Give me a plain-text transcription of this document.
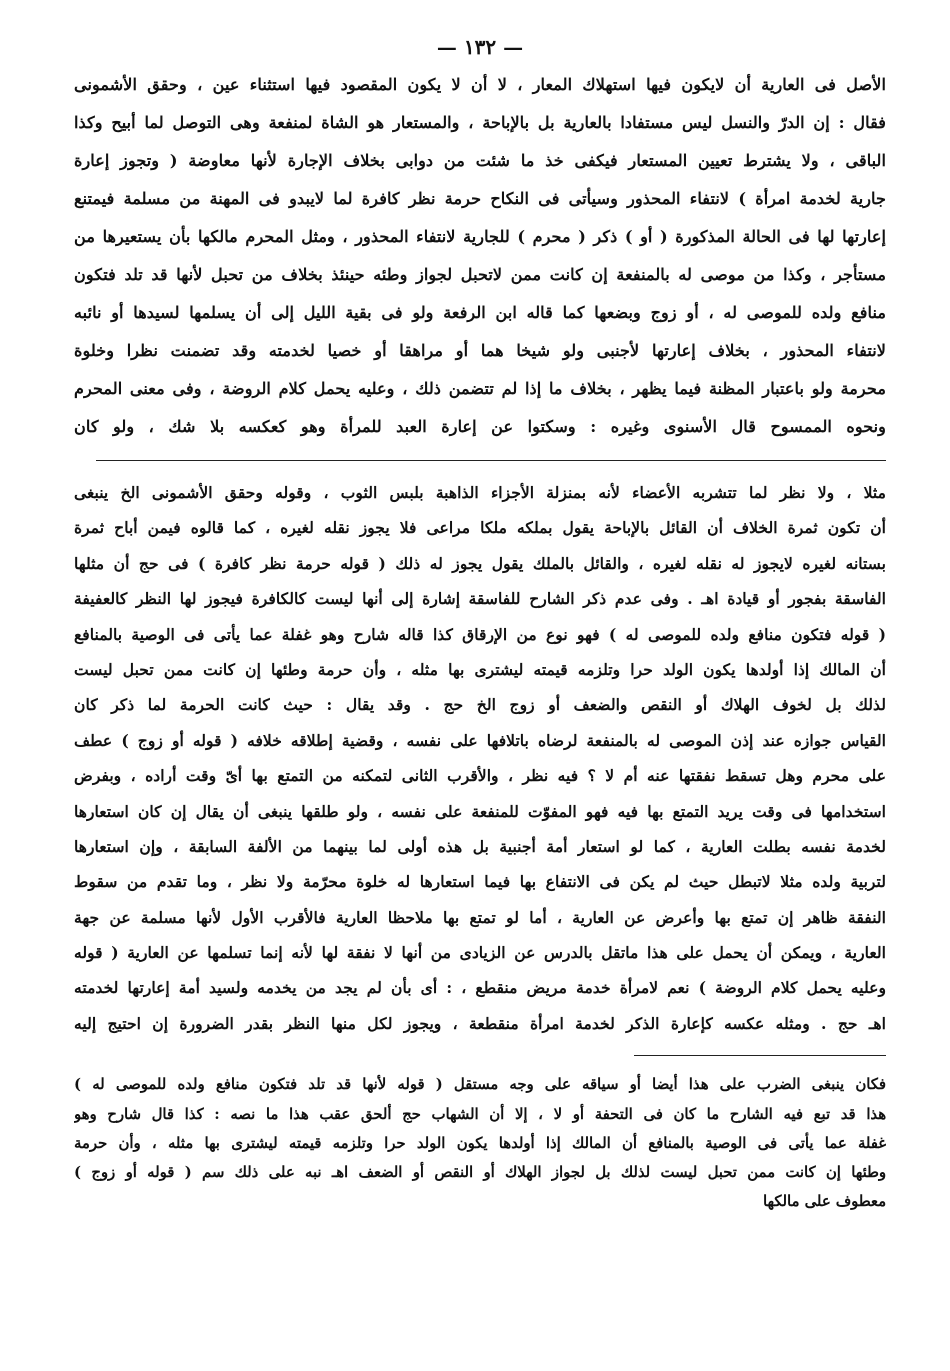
— ١٣٢ —
الأصل فى العارية أن لايكون فيها استهلاك المعار ، لا أن لا يكون المقصود فيها استثناء عين ، وحقق الأشمونى
فقال : إن الدرّ والنسل ليس مستفادا بالعارية بل بالإباحة ، والمستعار هو الشاة لمنفعة وهى التوصل لما أبيح وكذا
الباقى ، ولا يشترط تعيين المستعار فيكفى خذ ما شئت من دوابى بخلاف الإجارة لأنها معاوضة ( وتجوز إعارة
جارية لخدمة امرأة ) لانتفاء المحذور وسيأتى فى النكاح حرمة نظر كافرة لما لايبدو فى المهنة من مسلمة فيمتنع
إعارتها لها فى الحالة المذكورة ( أو ) ذكر ( محرم ) للجارية لانتفاء المحذور ، ومثل المحرم مالكها بأن يستعيرها من
مستأجر ، وكذا من موصى له بالمنفعة إن كانت ممن لاتحبل لجواز وطئه حينئذ بخلاف من تحبل لأنها قد تلد فتكون
منافع ولده للموصى له ، أو زوج وبضعها كما قاله ابن الرفعة ولو فى بقية الليل إلى أن يسلمها لسيدها أو نائبه
لانتفاء المحذور ، بخلاف إعارتها لأجنبى ولو شيخا هما أو مراهقا أو خصيا لخدمته وقد تضمنت نظرا وخلوة
محرمة ولو باعتبار المظنة فيما يظهر ، بخلاف ما إذا لم تتضمن ذلك ، وعليه يحمل كلام الروضة ، وفى معنى المحرم
ونحوه الممسوح قال الأسنوى وغيره : وسكتوا عن إعارة العبد للمرأة وهو كعكسه بلا شك ، ولو كان
مثلا ، ولا نظر لما تتشربه الأعضاء لأنه بمنزلة الأجزاء الذاهبة بلبس الثوب ، وقوله وحقق الأشمونى الخ ينبغى
أن تكون ثمرة الخلاف أن القائل بالإباحة يقول بملكه ملكا مراعى فلا يجوز نقله لغيره ، كما قالوه فيمن أباح ثمرة
بستانه لغيره لايجوز له نقله لغيره ، والقائل بالملك يقول يجوز له ذلك ( قوله حرمة نظر كافرة ) فى حج أن مثلها
الفاسقة بفجور أو قيادة اهـ . وفى عدم ذكر الشارح للفاسقة إشارة إلى أنها ليست كالكافرة فيجوز لها النظر كالعفيفة
( قوله فتكون منافع ولده للموصى له ) فهو نوع من الإرقاق كذا قاله شارح وهو غفلة عما يأتى فى الوصية بالمنافع
أن المالك إذا أولدها يكون الولد حرا وتلزمه قيمته ليشترى بها مثله ، وأن حرمة وطئها إن كانت ممن تحبل ليست
لذلك بل لخوف الهلاك أو النقص والضعف أو زوج الخ حج . وقد يقال : حيث كانت الحرمة لما ذكر كان
القياس جوازه عند إذن الموصى له بالمنفعة لرضاه باتلافها على نفسه ، وقضية إطلاقه خلافه ( قوله أو زوج ) عطف
على محرم وهل تسقط نفقتها عنه أم لا ؟ فيه نظر ، والأقرب الثانى لتمكنه من التمتع بها أىّ وقت أراده ، وبفرض
استخدامها فى وقت يريد التمتع بها فيه فهو المفوّت للمنفعة على نفسه ، ولو طلقها ينبغى أن يقال إن كان استعارها
لخدمة نفسه بطلت العارية ، كما لو استعار أمة أجنبية بل هذه أولى لما بينهما من الألفة السابقة ، وإن استعارها
لتربية ولده مثلا لاتبطل حيث لم يكن فى الانتفاع بها فيما استعارها له خلوة محرّمة ولا نظر ، وما تقدم من سقوط
النفقة ظاهر إن تمتع بها وأعرض عن العارية ، أما لو تمتع بها ملاحظا العارية فالأقرب الأول لأنها مسلمة عن جهة
العارية ، ويمكن أن يحمل على هذا ماتقل بالدرس عن الزيادى من أنها لا نفقة لها لأنه إنما تسلمها عن العارية ( قوله
وعليه يحمل كلام الروضة ) نعم لامرأة خدمة مريض منقطع ، : أى بأن لم يجد من يخدمه ولسيد أمة إعارتها لخدمته
اهـ حج . ومثله عكسه كإعارة الذكر لخدمة امرأة منقطعة ، ويجوز لكل منها النظر بقدر الضرورة إن احتيج إليه
فكان ينبغى الضرب على هذا أيضا أو سياقه على وجه مستقل ( قوله لأنها قد تلد فتكون منافع ولده للموصى له )
هذا قد تبع فيه الشارح ما كان فى التحفة أو لا ، إلا أن الشهاب حج ألحق عقب هذا ما نصه : كذا قال شارح وهو
غفلة عما يأتى فى الوصية بالمنافع أن المالك إذا أولدها يكون الولد حرا وتلزمه قيمته ليشترى بها مثله ، وأن حرمة
وطئها إن كانت ممن تحبل ليست لذلك بل لجواز الهلاك أو النقص أو الضعف اهـ نبه على ذلك سم ( قوله أو زوج )
معطوف على مالكها
